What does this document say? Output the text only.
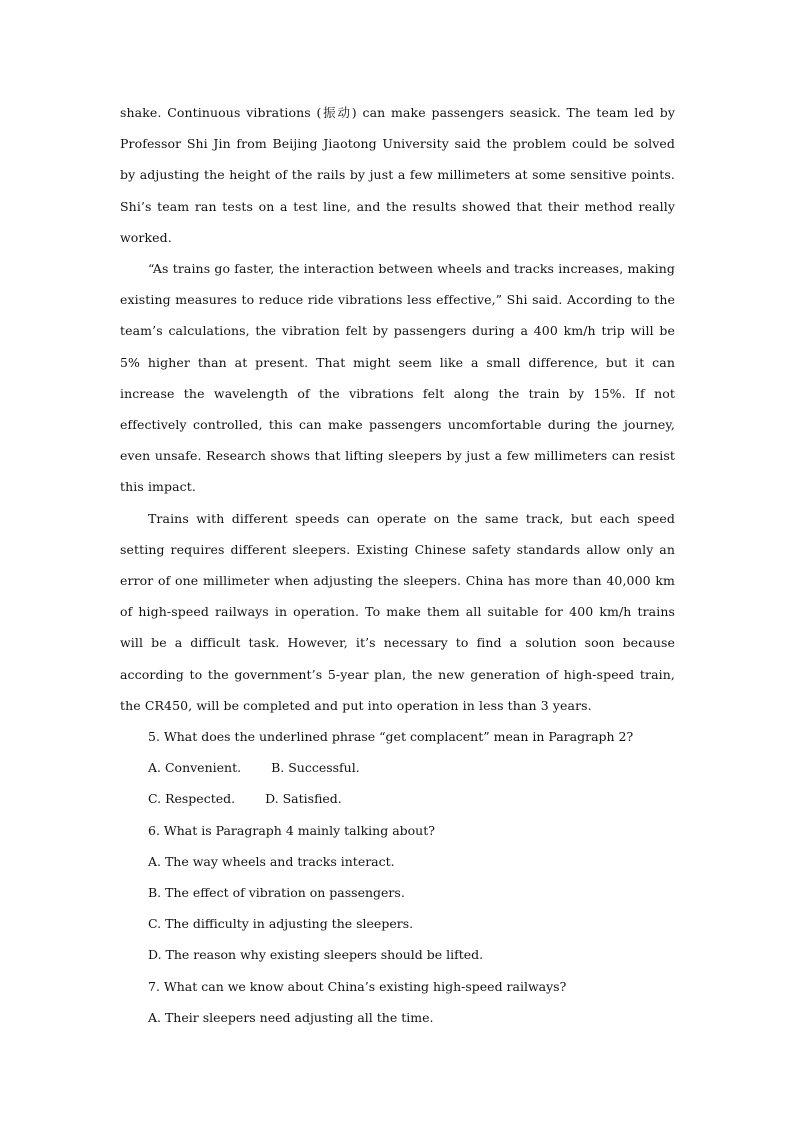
shake. Continuous vibrations (振动) can make passengers seasick. The team led by Professor Shi Jin from Beijing Jiaotong University said the problem could be solved by adjusting the height of the rails by just a few millimeters at some sensitive points. Shi’s team ran tests on a test line, and the results showed that their method really worked.

“As trains go faster, the interaction between wheels and tracks increases, making existing measures to reduce ride vibrations less effective,” Shi said. According to the team’s calculations, the vibration felt by passengers during a 400 km/h trip will be 5% higher than at present. That might seem like a small difference, but it can increase the wavelength of the vibrations felt along the train by 15%. If not effectively controlled, this can make passengers uncomfortable during the journey, even unsafe. Research shows that lifting sleepers by just a few millimeters can resist this impact.

Trains with different speeds can operate on the same track, but each speed setting requires different sleepers. Existing Chinese safety standards allow only an error of one millimeter when adjusting the sleepers. China has more than 40,000 km of high-speed railways in operation. To make them all suitable for 400 km/h trains will be a difficult task. However, it’s necessary to find a solution soon because according to the government’s 5-year plan, the new generation of high-speed train, the CR450, will be completed and put into operation in less than 3 years.

5. What does the underlined phrase “get complacent” mean in Paragraph 2?

A. Convenient. B. Successful.

C. Respected. D. Satisfied.

6. What is Paragraph 4 mainly talking about?

A. The way wheels and tracks interact.

B. The effect of vibration on passengers.

C. The difficulty in adjusting the sleepers.

D. The reason why existing sleepers should be lifted.

7. What can we know about China’s existing high-speed railways?

A. Their sleepers need adjusting all the time.
